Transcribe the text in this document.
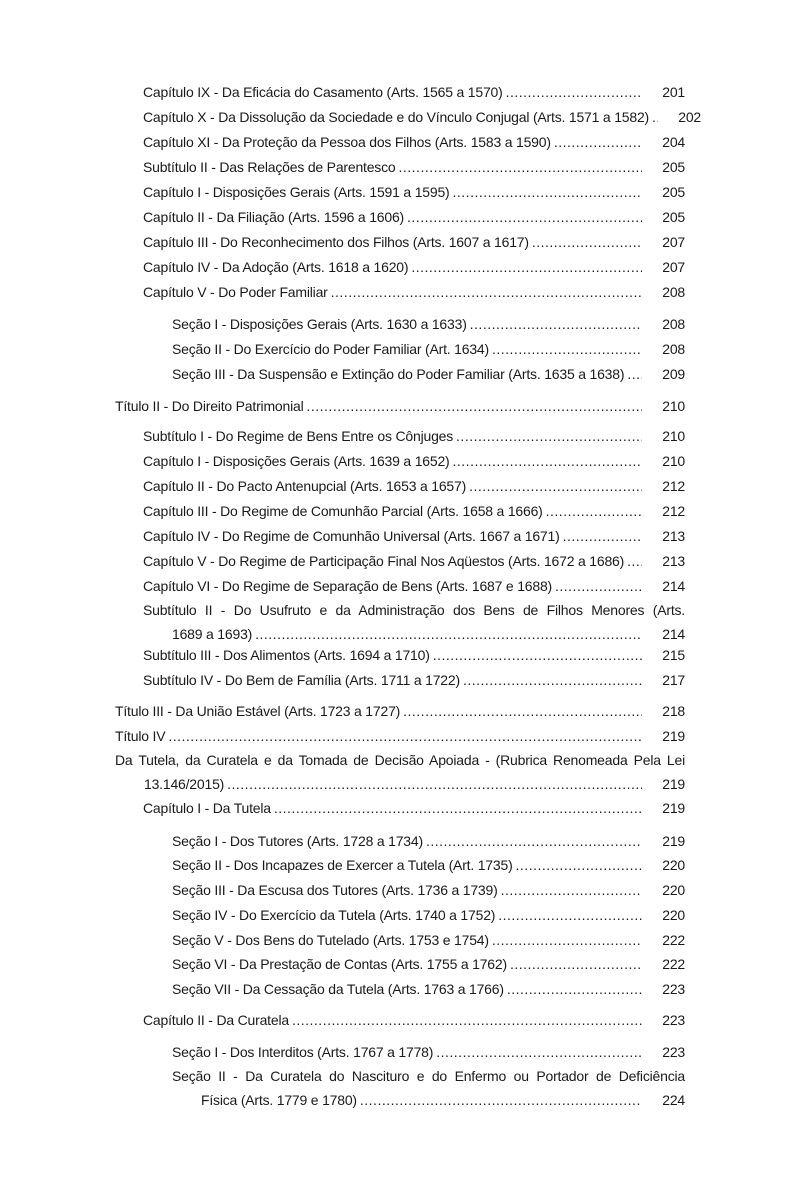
Capítulo IX - Da Eficácia do Casamento (Arts. 1565 a 1570) .....	201
Capítulo X - Da Dissolução da Sociedade e do Vínculo Conjugal (Arts. 1571 a 1582) .....	202
Capítulo XI - Da Proteção da Pessoa dos Filhos (Arts. 1583 a 1590) .....	204
Subtítulo II - Das Relações de Parentesco .....	205
Capítulo I - Disposições Gerais (Arts. 1591 a 1595) .....	205
Capítulo II - Da Filiação (Arts. 1596 a 1606) .....	205
Capítulo III - Do Reconhecimento dos Filhos (Arts. 1607 a 1617) .....	207
Capítulo IV - Da Adoção (Arts. 1618 a 1620) .....	207
Capítulo V - Do Poder Familiar .....	208
Seção I - Disposições Gerais (Arts. 1630 a 1633) .....	208
Seção II - Do Exercício do Poder Familiar (Art. 1634) .....	208
Seção III - Da Suspensão e Extinção do Poder Familiar (Arts. 1635 a 1638) .....	209
Título II - Do Direito Patrimonial .....	210
Subtítulo I - Do Regime de Bens Entre os Cônjuges .....	210
Capítulo I - Disposições Gerais (Arts. 1639 a 1652) .....	210
Capítulo II - Do Pacto Antenupcial (Arts. 1653 a 1657) .....	212
Capítulo III - Do Regime de Comunhão Parcial (Arts. 1658 a 1666) .....	212
Capítulo IV - Do Regime de Comunhão Universal (Arts. 1667 a 1671) .....	213
Capítulo V - Do Regime de Participação Final Nos Aqüestos (Arts. 1672 a 1686) .....	213
Capítulo VI - Do Regime de Separação de Bens (Arts. 1687 e 1688) .....	214
Subtítulo II - Do Usufruto e da Administração dos Bens de Filhos Menores (Arts.
1689 a 1693) .....	214
Subtítulo III - Dos Alimentos (Arts. 1694 a 1710) .....	215
Subtítulo IV - Do Bem de Família (Arts. 1711 a 1722) .....	217
Título III - Da União Estável (Arts. 1723 a 1727) .....	218
Título IV .....	219
Da Tutela, da Curatela e da Tomada de Decisão Apoiada - (Rubrica Renomeada Pela Lei
13.146/2015) .....	219
Capítulo I - Da Tutela .....	219
Seção I - Dos Tutores (Arts. 1728 a 1734) .....	219
Seção II - Dos Incapazes de Exercer a Tutela (Art. 1735) .....	220
Seção III - Da Escusa dos Tutores (Arts. 1736 a 1739) .....	220
Seção IV - Do Exercício da Tutela (Arts. 1740 a 1752) .....	220
Seção V - Dos Bens do Tutelado (Arts. 1753 e 1754) .....	222
Seção VI - Da Prestação de Contas (Arts. 1755 a 1762) .....	222
Seção VII - Da Cessação da Tutela (Arts. 1763 a 1766) .....	223
Capítulo II - Da Curatela .....	223
Seção I - Dos Interditos (Arts. 1767 a 1778) .....	223
Seção II - Da Curatela do Nascituro e do Enfermo ou Portador de Deficiência
Física (Arts. 1779 e 1780) .....	224
